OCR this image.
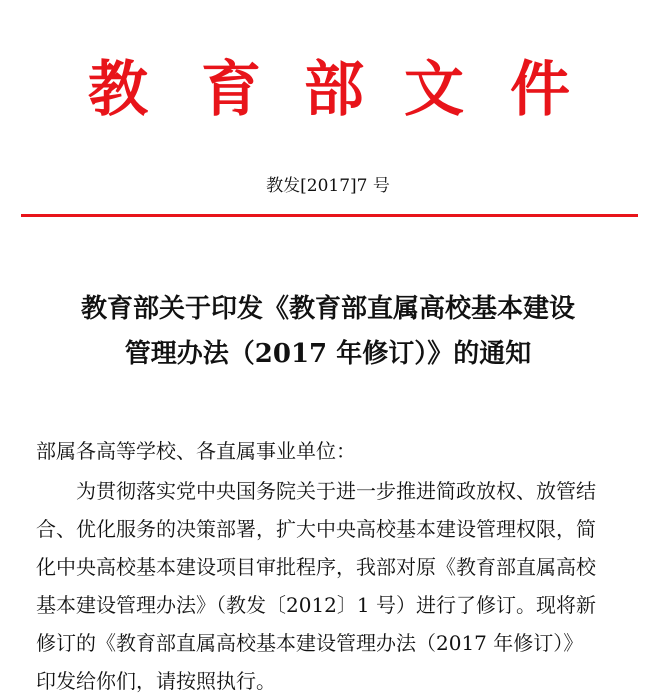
教 育 部 文 件
教发[2017]7 号
教育部关于印发《教育部直属高校基本建设
管理办法（2017 年修订）》的通知
部属各高等学校、各直属事业单位：
为贯彻落实党中央国务院关于进一步推进简政放权、放管结
合、优化服务的决策部署，扩大中央高校基本建设管理权限，简
化中央高校基本建设项目审批程序，我部对原《教育部直属高校
基本建设管理办法》（教发〔2012〕1 号）进行了修订。现将新
修订的《教育部直属高校基本建设管理办法（2017 年修订）》
印发给你们，请按照执行。
